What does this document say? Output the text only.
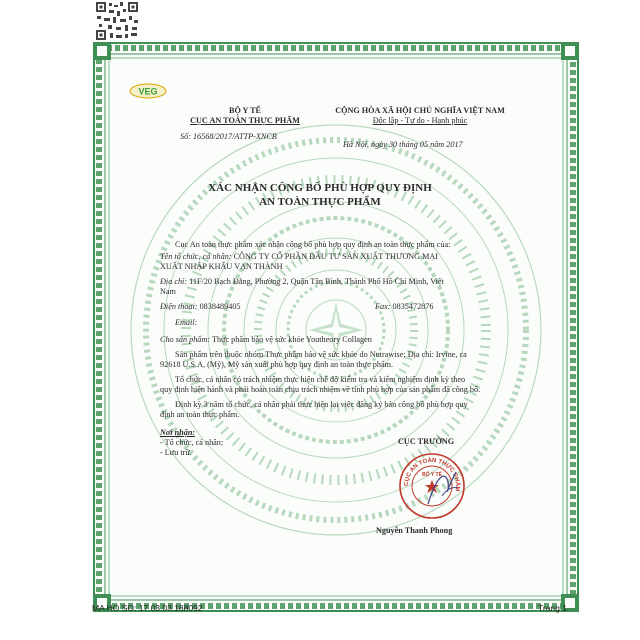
VEG
BỘ Y TẾ
CỤC AN TOÀN THỰC PHẨM
Số: 16568/2017/ATTP-XNCB
CỘNG HÒA XÃ HỘI CHỦ NGHĨA VIỆT NAM
Độc lập - Tự do - Hạnh phúc
Hà Nội, ngày 30 tháng 05 năm 2017
XÁC NHẬN CÔNG BỐ PHÙ HỢP QUY ĐỊNH
AN TOÀN THỰC PHẨM
Cục An toàn thực phẩm xác nhận công bố phù hợp quy định an toàn thực phẩm của:
Tên tổ chức, cá nhân: CÔNG TY CỔ PHẦN ĐẦU TƯ SẢN XUẤT THƯƠNG MẠI
XUẤT NHẬP KHẨU VẠN THÀNH
Địa chỉ: 11F/20 Bạch Đằng, Phường 2, Quận Tân Bình, Thành Phố Hồ Chí Minh, Việt
Nam
Điện thoại: 0838489405	Fax: 0835472876
Email:
Cho sản phẩm: Thực phẩm bảo vệ sức khỏe Youtheory Collagen
Sản phẩm trên thuộc nhóm Thực phẩm bảo vệ sức khỏe do Nutrawise; Địa chỉ: Irvine, ca
92618 U.S.A, (Mỹ), Mỹ sản xuất phù hợp quy định an toàn thực phẩm.
Tổ chức, cá nhân có trách nhiệm thực hiện chế độ kiểm tra và kiểm nghiệm định kỳ theo
quy định hiện hành và phải hoàn toàn chịu trách nhiệm về tính phù hợp của sản phẩm đã công bố.
Định kỳ 3 năm tổ chức, cá nhân phải thực hiện lại việc đăng ký bản công bố phù hợp quy
định an toàn thực phẩm.
Nơi nhận:
- Tổ chức, cá nhân;
- Lưu trữ.
CỤC TRƯỞNG
CỤC AN TOÀN THỰC PHẨM
BỘ Y TẾ
Nguyễn Thanh Phong
MA HO SO: 17.03.03.188092	Trang 1
